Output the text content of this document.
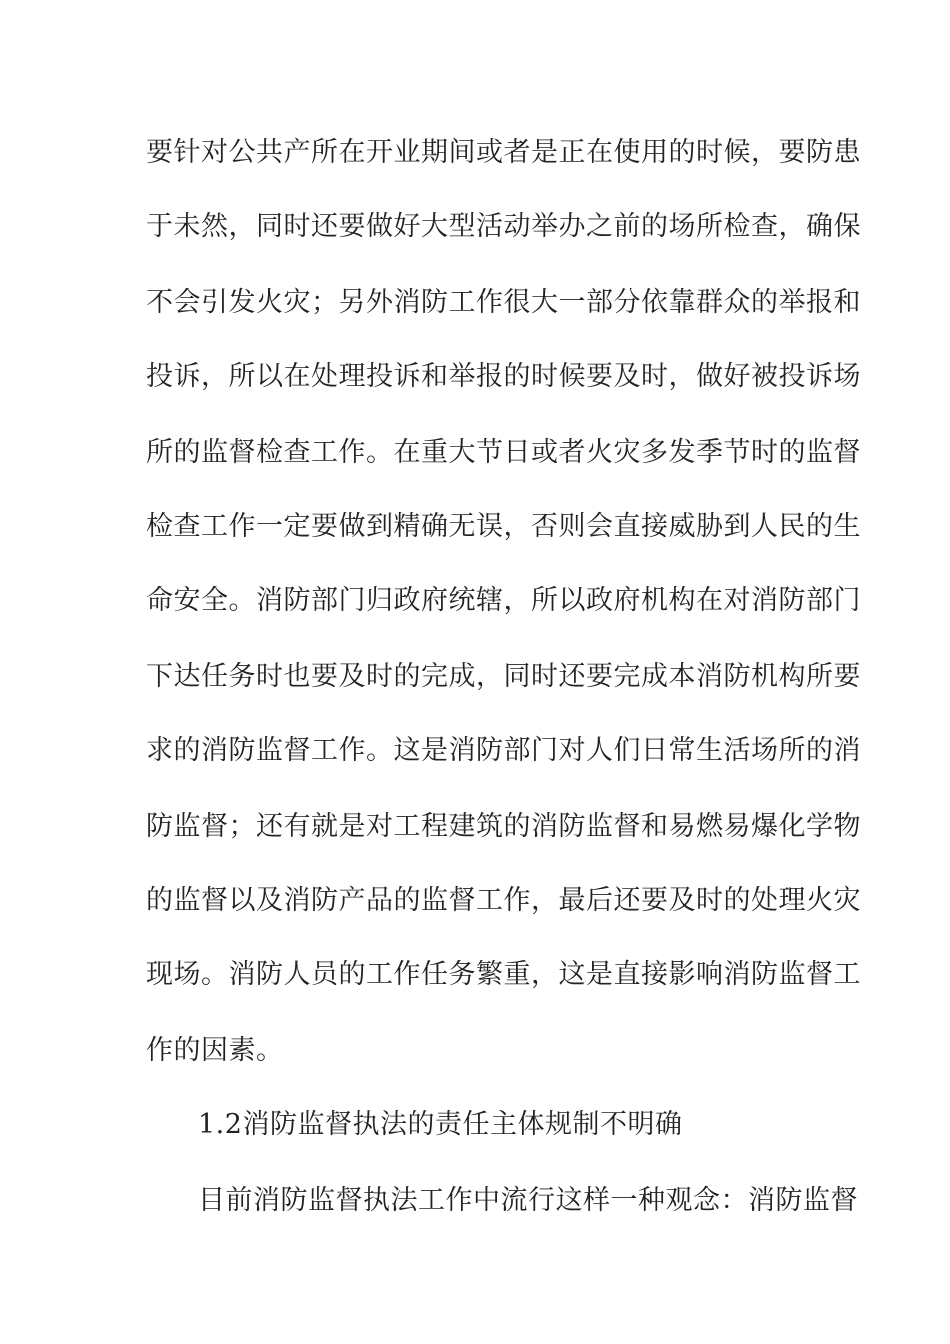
要针对公共产所在开业期间或者是正在使用的时候，要防患
于未然，同时还要做好大型活动举办之前的场所检查，确保
不会引发火灾；另外消防工作很大一部分依靠群众的举报和
投诉，所以在处理投诉和举报的时候要及时，做好被投诉场
所的监督检查工作。在重大节日或者火灾多发季节时的监督
检查工作一定要做到精确无误，否则会直接威胁到人民的生
命安全。消防部门归政府统辖，所以政府机构在对消防部门
下达任务时也要及时的完成，同时还要完成本消防机构所要
求的消防监督工作。这是消防部门对人们日常生活场所的消
防监督；还有就是对工程建筑的消防监督和易燃易爆化学物
的监督以及消防产品的监督工作，最后还要及时的处理火灾
现场。消防人员的工作任务繁重，这是直接影响消防监督工
作的因素。
1.2消防监督执法的责任主体规制不明确
目前消防监督执法工作中流行这样一种观念：消防监督
